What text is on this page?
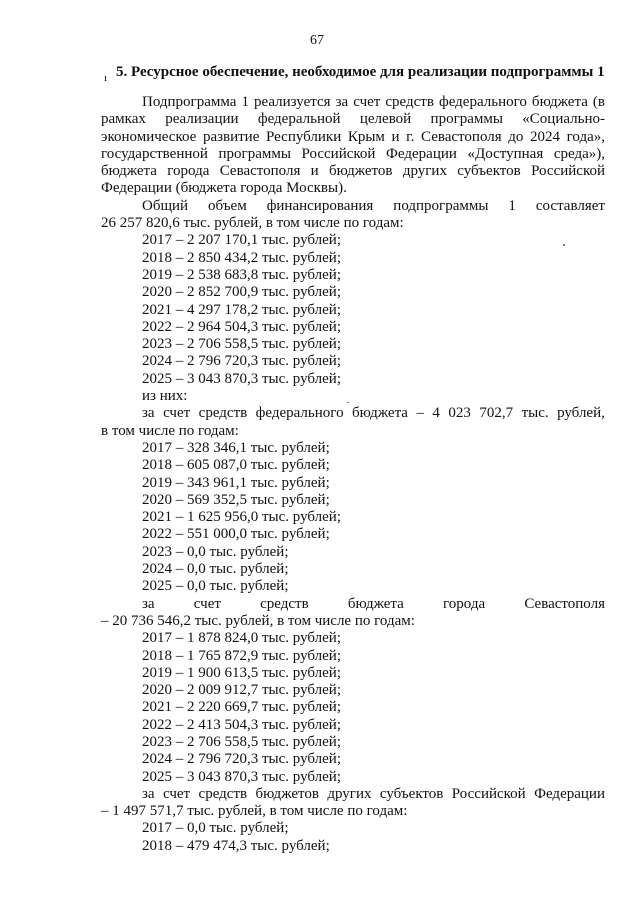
67
ı 5. Ресурсное обеспечение, необходимое для реализации подпрограммы 1

Подпрограмма 1 реализуется за счет средств федерального бюджета (в рамках реализации федеральной целевой программы «Социально-экономическое развитие Республики Крым и г. Севастополя до 2024 года», государственной программы Российской Федерации «Доступная среда»), бюджета города Севастополя и бюджетов других субъектов Российской Федерации (бюджета города Москвы).

Общий объем финансирования подпрограммы 1 составляет
26 257 820,6 тыс. рублей, в том числе по годам:
2017 – 2 207 170,1 тыс. рублей;
2018 – 2 850 434,2 тыс. рублей;
2019 – 2 538 683,8 тыс. рублей;
2020 – 2 852 700,9 тыс. рублей;
2021 – 4 297 178,2 тыс. рублей;
2022 – 2 964 504,3 тыс. рублей;
2023 – 2 706 558,5 тыс. рублей;
2024 – 2 796 720,3 тыс. рублей;
2025 – 3 043 870,3 тыс. рублей;
из них:
за счет средств федерального бюджета – 4 023 702,7 тыс. рублей,
в том числе по годам:
2017 – 328 346,1 тыс. рублей;
2018 – 605 087,0 тыс. рублей;
2019 – 343 961,1 тыс. рублей;
2020 – 569 352,5 тыс. рублей;
2021 – 1 625 956,0 тыс. рублей;
2022 – 551 000,0 тыс. рублей;
2023 – 0,0 тыс. рублей;
2024 – 0,0 тыс. рублей;
2025 – 0,0 тыс. рублей;
за	счет	средств	бюджета	города	Севастополя
– 20 736 546,2 тыс. рублей, в том числе по годам:
2017 – 1 878 824,0 тыс. рублей;
2018 – 1 765 872,9 тыс. рублей;
2019 – 1 900 613,5 тыс. рублей;
2020 – 2 009 912,7 тыс. рублей;
2021 – 2 220 669,7 тыс. рублей;
2022 – 2 413 504,3 тыс. рублей;
2023 – 2 706 558,5 тыс. рублей;
2024 – 2 796 720,3 тыс. рублей;
2025 – 3 043 870,3 тыс. рублей;
за счет средств бюджетов других субъектов Российской Федерации
– 1 497 571,7 тыс. рублей, в том числе по годам:
2017 – 0,0 тыс. рублей;
2018 – 479 474,3 тыс. рублей;
